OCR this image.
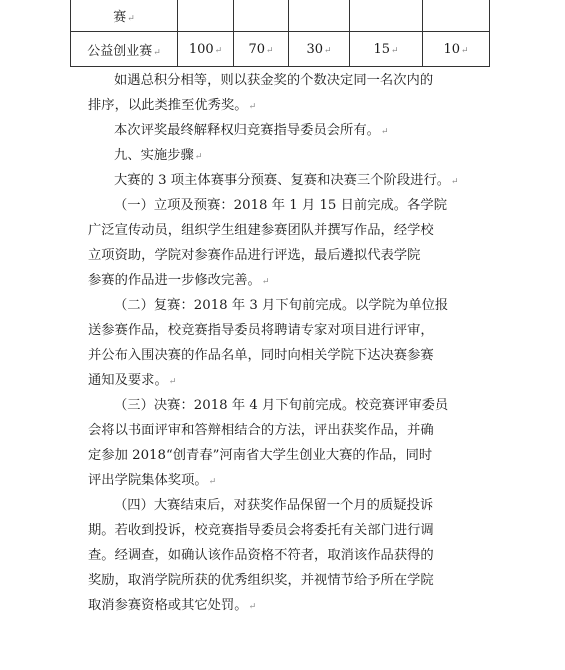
赛↵					
公益创业赛↵	100↵	70↵	30↵	15↵	10↵
如遇总积分相等，则以获金奖的个数决定同一名次内的
排序，以此类推至优秀奖。↵
本次评奖最终解释权归竞赛指导委员会所有。↵
九、实施步骤↵
大赛的 3 项主体赛事分预赛、复赛和决赛三个阶段进行。↵
（一）立项及预赛：2018 年 1 月 15 日前完成。各学院
广泛宣传动员，组织学生组建参赛团队并撰写作品，经学校
立项资助，学院对参赛作品进行评选，最后遴拟代表学院
参赛的作品进一步修改完善。↵
（二）复赛：2018 年 3 月下旬前完成。以学院为单位报
送参赛作品，校竞赛指导委员将聘请专家对项目进行评审，
并公布入围决赛的作品名单，同时向相关学院下达决赛参赛
通知及要求。↵
（三）决赛：2018 年 4 月下旬前完成。校竞赛评审委员
会将以书面评审和答辩相结合的方法，评出获奖作品，并确
定参加 2018“创青春”河南省大学生创业大赛的作品，同时
评出学院集体奖项。↵
（四）大赛结束后，对获奖作品保留一个月的质疑投诉
期。若收到投诉，校竞赛指导委员会将委托有关部门进行调
查。经调查，如确认该作品资格不符者，取消该作品获得的
奖励，取消学院所获的优秀组织奖，并视情节给予所在学院
取消参赛资格或其它处罚。↵
